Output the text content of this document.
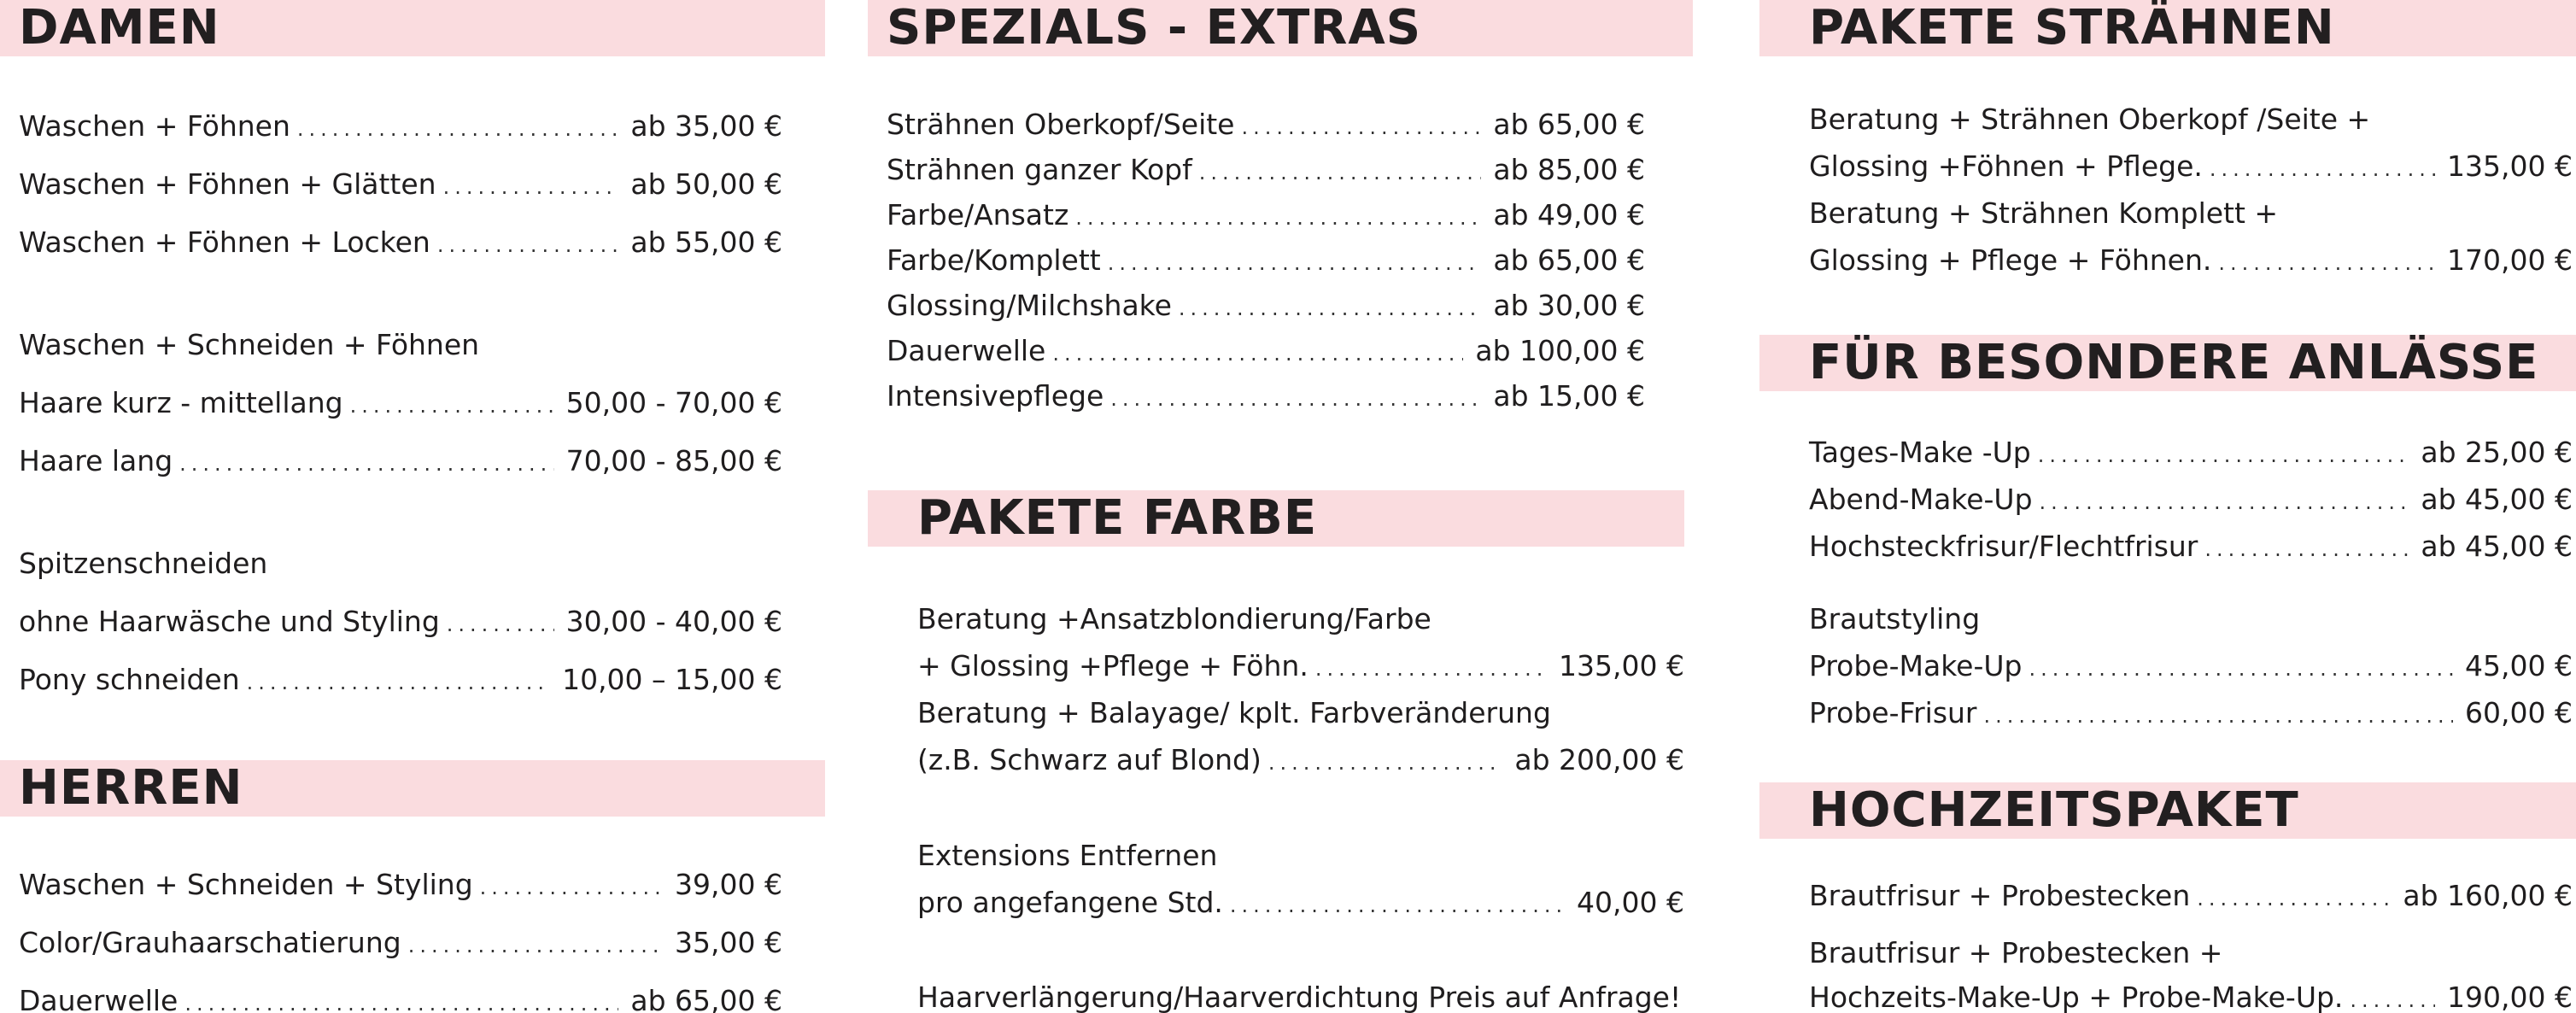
DAMEN
Waschen + Föhnen .....	ab 35,00 €
Waschen + Föhnen + Glätten .....	ab 50,00 €
Waschen + Föhnen + Locken .....	ab 55,00 €
Waschen + Schneiden + Föhnen
Haare kurz - mittellang .....	50,00 - 70,00 €
Haare lang .....	70,00 - 85,00 €
Spitzenschneiden
ohne Haarwäsche und Styling .....	30,00 - 40,00 €
Pony schneiden .....	10,00 – 15,00 €
HERREN
Waschen + Schneiden + Styling .....	39,00 €
Color/Grauhaarschatierung .....	35,00 €
Dauerwelle .....	ab 65,00 €
SPEZIALS - EXTRAS
Strähnen Oberkopf/Seite .....	ab 65,00 €
Strähnen ganzer Kopf .....	ab 85,00 €
Farbe/Ansatz .....	ab 49,00 €
Farbe/Komplett .....	ab 65,00 €
Glossing/Milchshake .....	ab 30,00 €
Dauerwelle .....	ab 100,00 €
Intensivepflege .....	ab 15,00 €
PAKETE FARBE
Beratung +Ansatzblondierung/Farbe
+ Glossing +Pflege + Föhn. .....	135,00 €
Beratung + Balayage/ kplt. Farbveränderung
(z.B. Schwarz auf Blond) .....	ab 200,00 €
Extensions Entfernen
pro angefangene Std. .....	40,00 €
Haarverlängerung/Haarverdichtung Preis auf Anfrage!
PAKETE STRÄHNEN
Beratung + Strähnen Oberkopf /Seite +
Glossing +Föhnen + Pflege. .....	135,00 €
Beratung + Strähnen Komplett +
Glossing + Pflege + Föhnen. .....	170,00 €
FÜR BESONDERE ANLÄSSE
Tages-Make -Up .....	ab 25,00 €
Abend-Make-Up .....	ab 45,00 €
Hochsteckfrisur/Flechtfrisur .....	ab 45,00 €
Brautstyling
Probe-Make-Up .....	45,00 €
Probe-Frisur .....	60,00 €
HOCHZEITSPAKET
Brautfrisur + Probestecken .....	ab 160,00 €
Brautfrisur + Probestecken +
Hochzeits-Make-Up + Probe-Make-Up. .....	190,00 €
